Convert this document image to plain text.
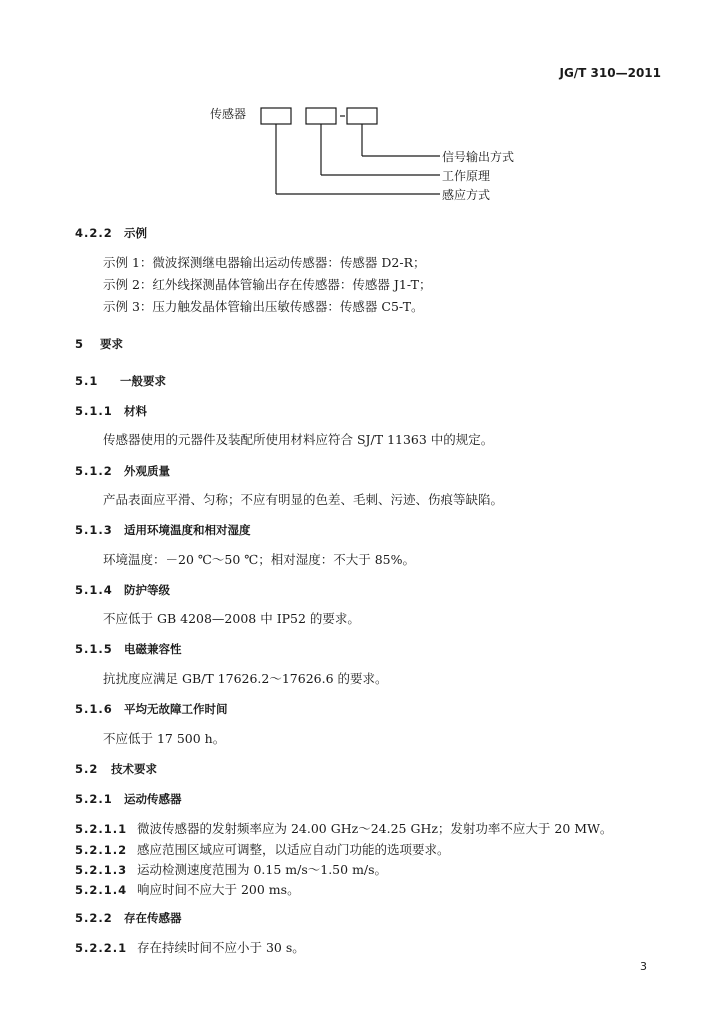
JG/T 310—2011
传感器
信号输出方式
工作原理
感应方式
4.2.2 示例
示例 1：微波探测继电器输出运动传感器：传感器 D2-R；
示例 2：红外线探测晶体管输出存在传感器：传感器 J1-T；
示例 3：压力触发晶体管输出压敏传感器：传感器 C5-T。
5 要求
5.1 一般要求
5.1.1 材料
传感器使用的元器件及装配所使用材料应符合 SJ/T 11363 中的规定。
5.1.2 外观质量
产品表面应平滑、匀称；不应有明显的色差、毛刺、污迹、伤痕等缺陷。
5.1.3 适用环境温度和相对湿度
环境温度：－20 ℃～50 ℃；相对湿度：不大于 85%。
5.1.4 防护等级
不应低于 GB 4208—2008 中 IP52 的要求。
5.1.5 电磁兼容性
抗扰度应满足 GB/T 17626.2～17626.6 的要求。
5.1.6 平均无故障工作时间
不应低于 17 500 h。
5.2 技术要求
5.2.1 运动传感器
5.2.1.1 微波传感器的发射频率应为 24.00 GHz～24.25 GHz；发射功率不应大于 20 MW。
5.2.1.2 感应范围区域应可调整，以适应自动门功能的选项要求。
5.2.1.3 运动检测速度范围为 0.15 m/s～1.50 m/s。
5.2.1.4 响应时间不应大于 200 ms。
5.2.2 存在传感器
5.2.2.1 存在持续时间不应小于 30 s。
3
